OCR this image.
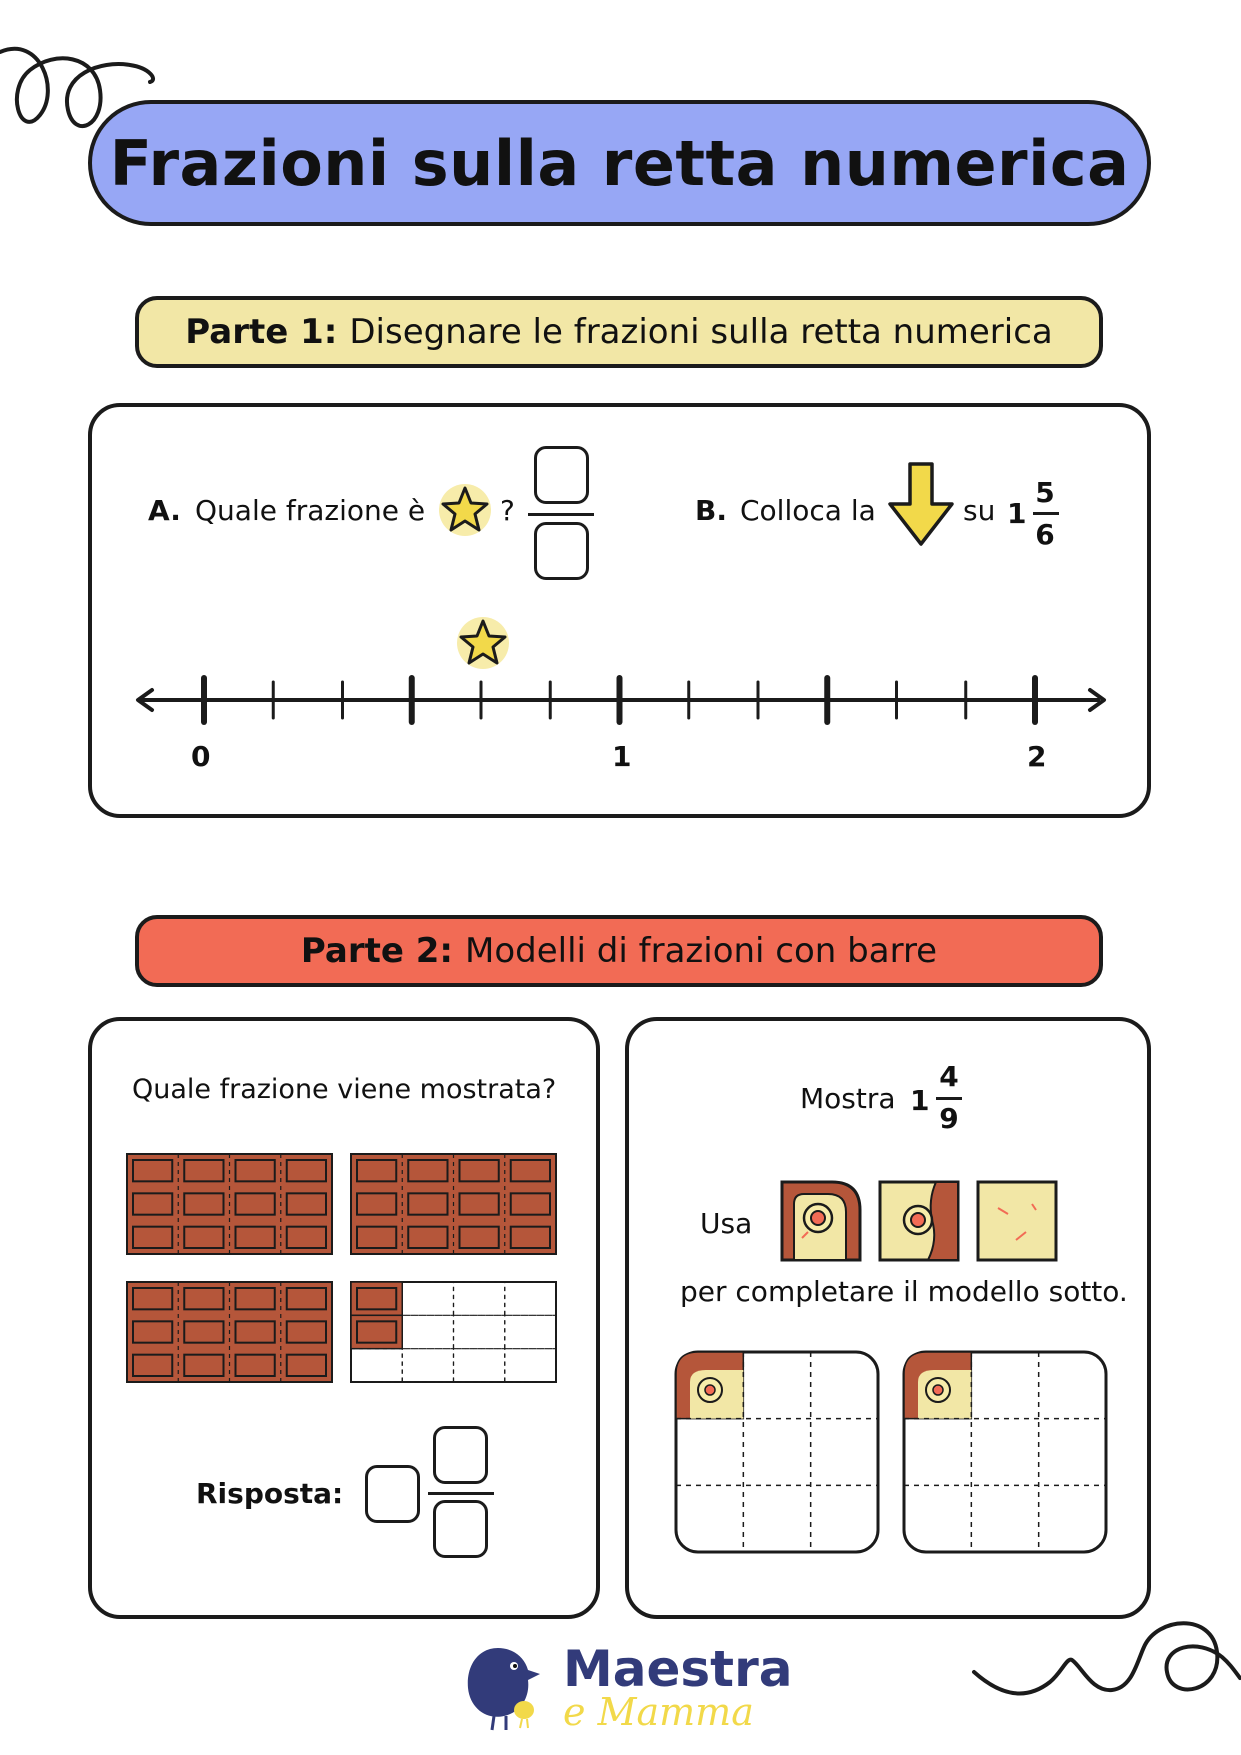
Frazioni sulla retta numerica
Parte 1: Disegnare le frazioni sulla retta numerica
A. Quale frazione è	?	B. Colloca la	su 1
5
6
0	1	2
Parte 2: Modelli di frazioni con barre
Quale frazione viene mostrata?
Risposta:
Mostra 1
4
9
Usa
per completare il modello sotto.
Maestra
e Mamma
